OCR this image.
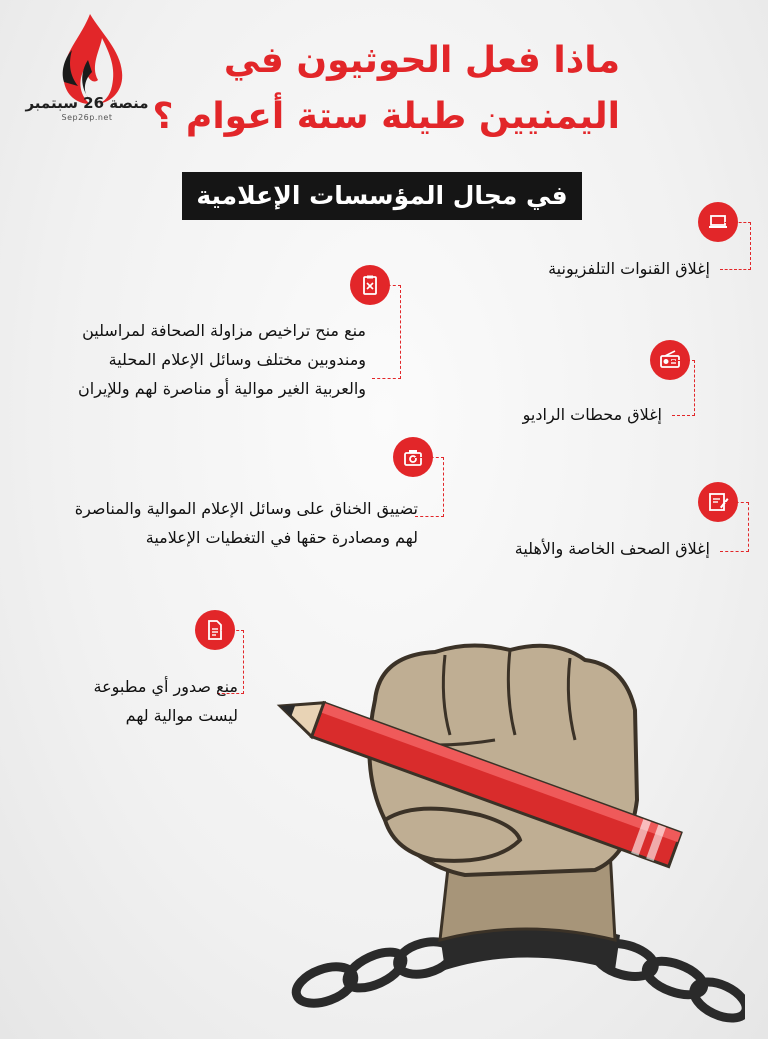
منصة 26 سبتمبر
Sep26p.net
ماذا فعل الحوثيون في
اليمنيين طيلة ستة أعوام ؟
في مجال المؤسسات الإعلامية
إغلاق القنوات التلفزيونية
إغلاق محطات الراديو
إغلاق الصحف الخاصة والأهلية
منع منح تراخيص مزاولة الصحافة لمراسلين
ومندوبين مختلف وسائل الإعلام المحلية
والعربية الغير موالية أو مناصرة لهم وللإيران
تضييق الخناق على وسائل الإعلام الموالية والمناصرة
لهم ومصادرة حقها في التغطيات الإعلامية
منع صدور أي مطبوعة
ليست موالية لهم
